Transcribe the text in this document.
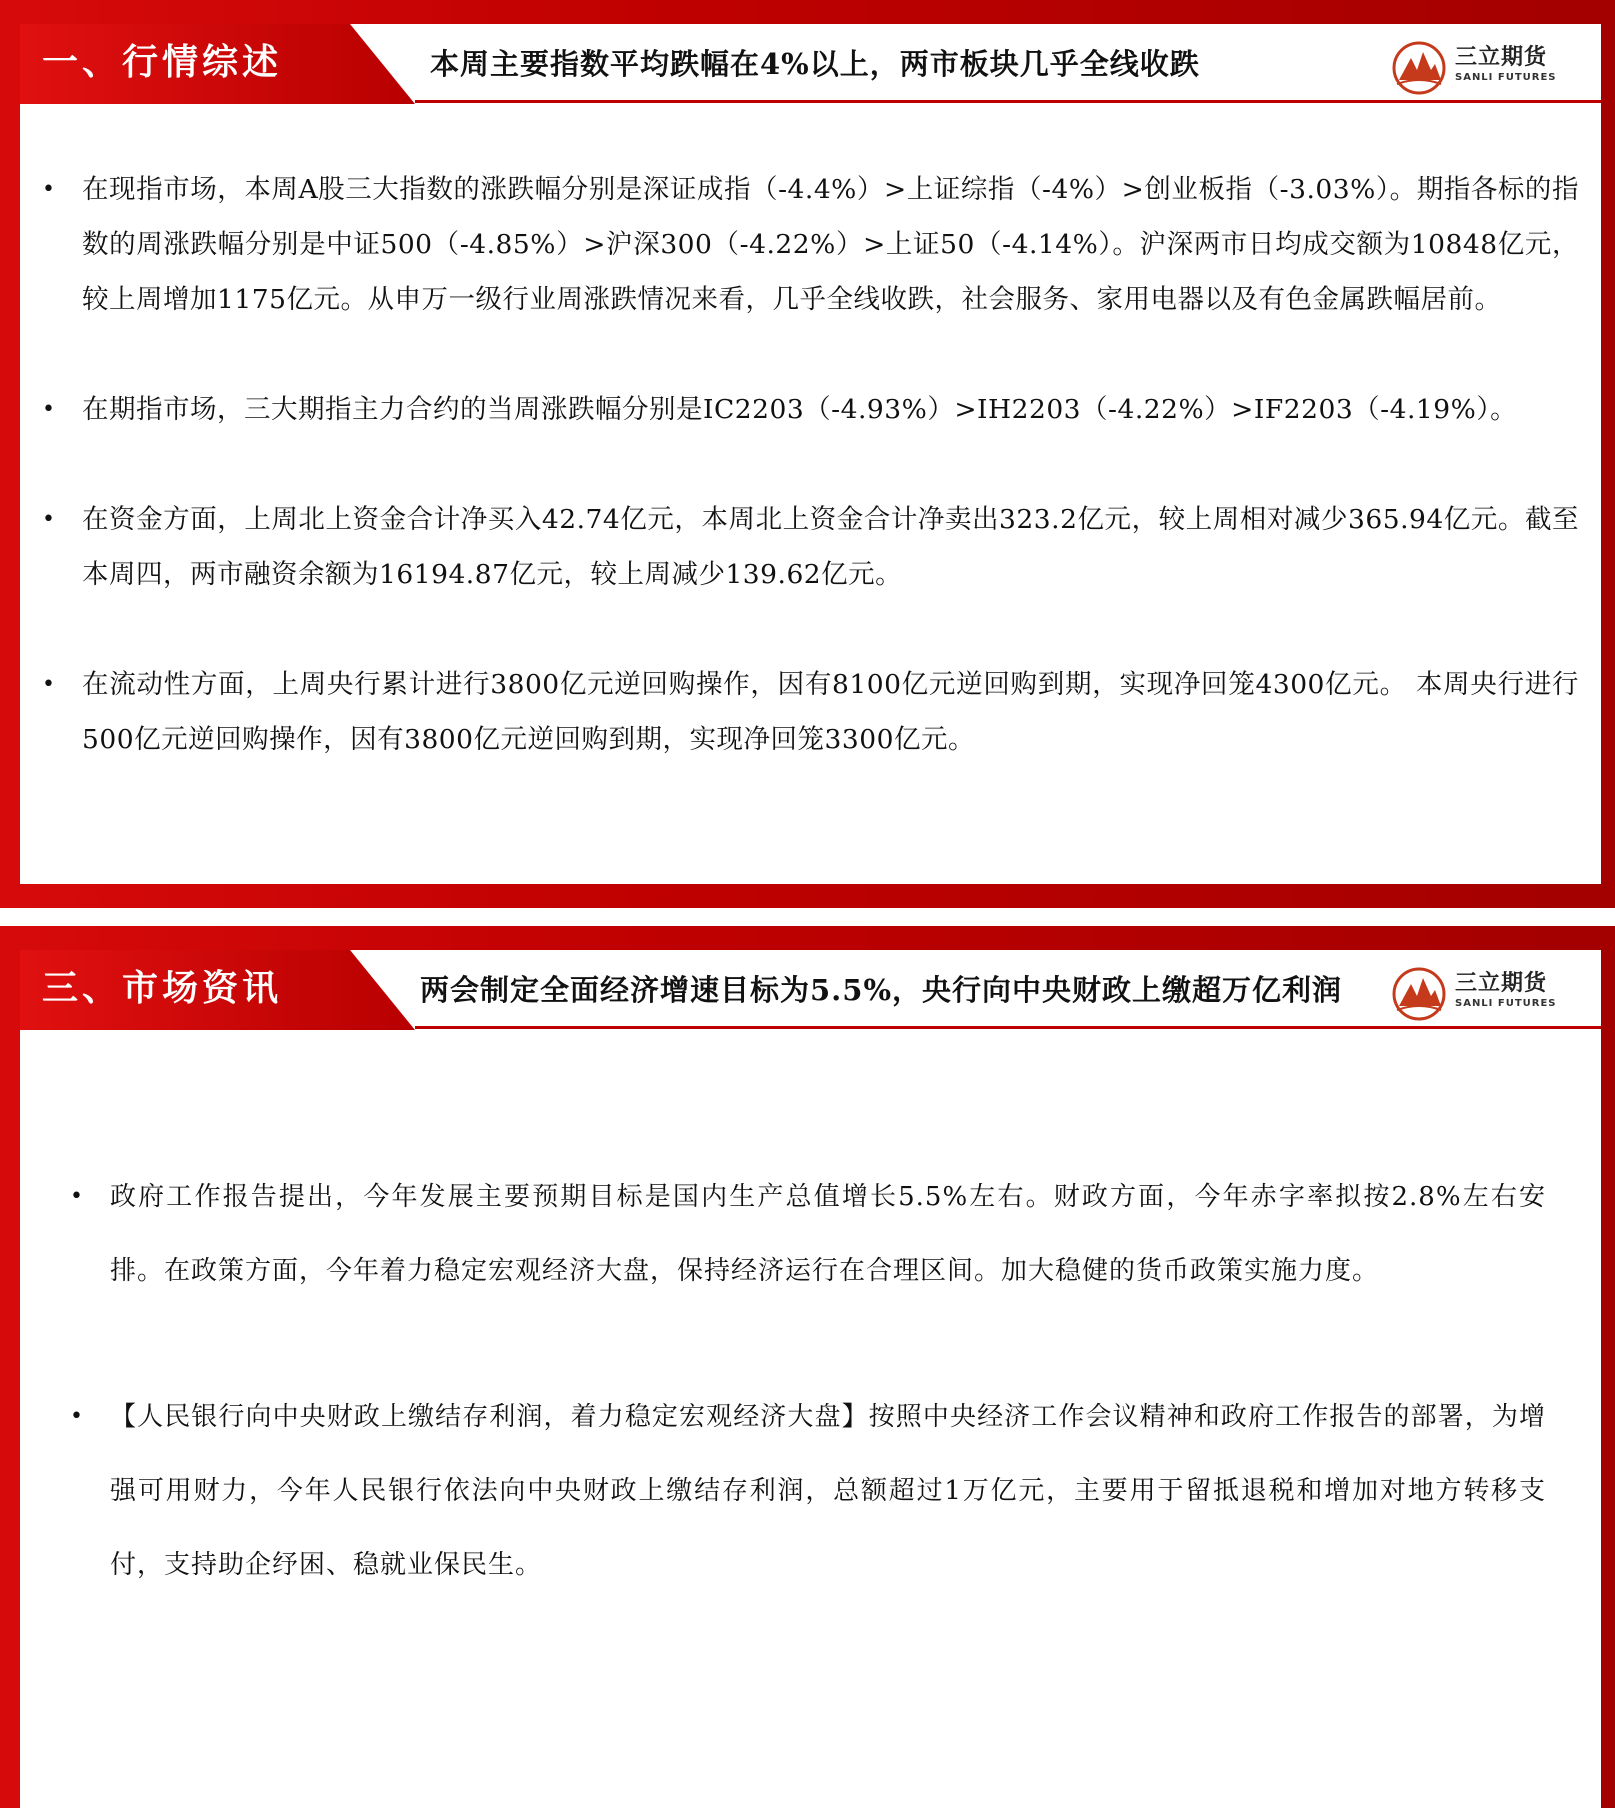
一、行情综述	本周主要指数平均跌幅在4%以上，两市板块几乎全线收跌	三立期货
SANLI FUTURES
• 在现指市场，本周A股三大指数的涨跌幅分别是深证成指（-4.4%）>上证综指（-4%）>创业板指（-3.03%）。期指各标的指数的周涨跌幅分别是中证500（-4.85%）>沪深300（-4.22%）>上证50（-4.14%）。沪深两市日均成交额为10848亿元，较上周增加1175亿元。从申万一级行业周涨跌情况来看，几乎全线收跌，社会服务、家用电器以及有色金属跌幅居前。
• 在期指市场，三大期指主力合约的当周涨跌幅分别是IC2203（-4.93%）>IH2203（-4.22%）>IF2203（-4.19%）。
• 在资金方面，上周北上资金合计净买入42.74亿元，本周北上资金合计净卖出323.2亿元，较上周相对减少365.94亿元。截至本周四，两市融资余额为16194.87亿元，较上周减少139.62亿元。
• 在流动性方面，上周央行累计进行3800亿元逆回购操作，因有8100亿元逆回购到期，实现净回笼4300亿元。 本周央行进行500亿元逆回购操作，因有3800亿元逆回购到期，实现净回笼3300亿元。
三、市场资讯	两会制定全面经济增速目标为5.5%，央行向中央财政上缴超万亿利润	三立期货
SANLI FUTURES
• 政府工作报告提出，今年发展主要预期目标是国内生产总值增长5.5%左右。财政方面，今年赤字率拟按2.8%左右安排。在政策方面，今年着力稳定宏观经济大盘，保持经济运行在合理区间。加大稳健的货币政策实施力度。
• 【人民银行向中央财政上缴结存利润，着力稳定宏观经济大盘】按照中央经济工作会议精神和政府工作报告的部署，为增强可用财力，今年人民银行依法向中央财政上缴结存利润，总额超过1万亿元，主要用于留抵退税和增加对地方转移支付，支持助企纾困、稳就业保民生。
